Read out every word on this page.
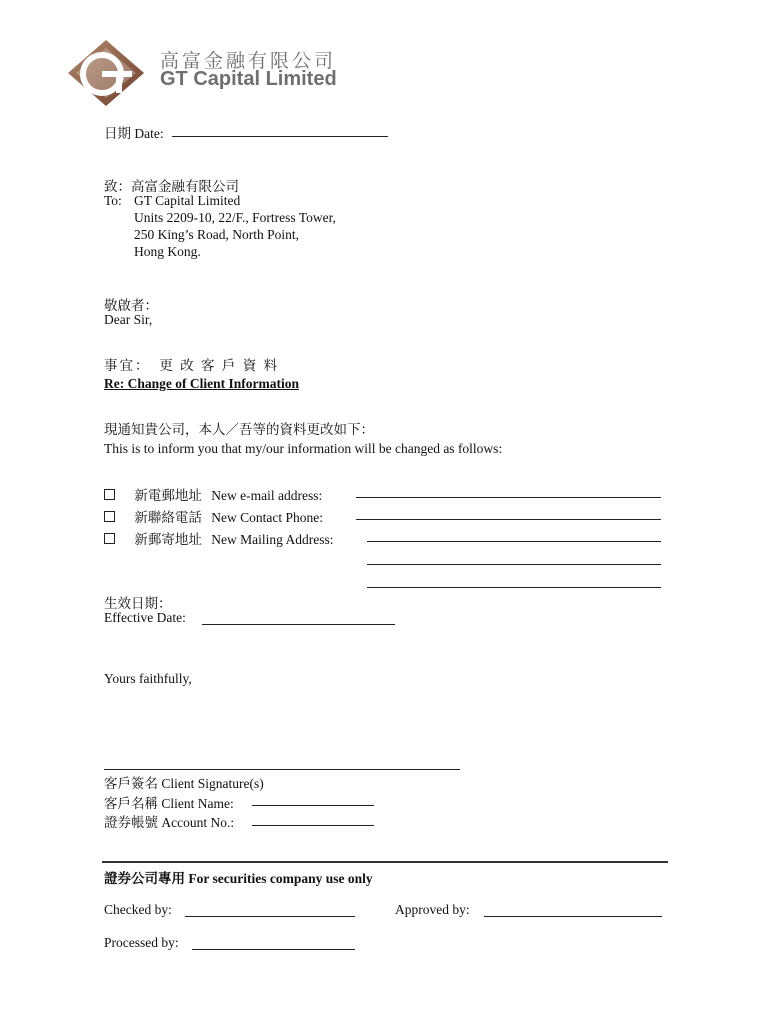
高富金融有限公司
GT Capital Limited
日期 Date:
致：高富金融有限公司
To: GT Capital Limited
Units 2209-10, 22/F., Fortress Tower,
250 King’s Road, North Point,
Hong Kong.
敬啟者：
Dear Sir,
事宜：　更 改 客 戶 資 料
Re: Change of Client Information
現通知貴公司，本人／吾等的資料更改如下：
This is to inform you that my/our information will be changed as follows:
新電郵地址 New e-mail address:
新聯絡電話 New Contact Phone:
新郵寄地址 New Mailing Address:
生效日期：
Effective Date:
Yours faithfully,
客戶簽名 Client Signature(s)
客戶名稱 Client Name:
證券帳號 Account No.:
證券公司專用 For securities company use only
Checked by:	Approved by:
Processed by:
